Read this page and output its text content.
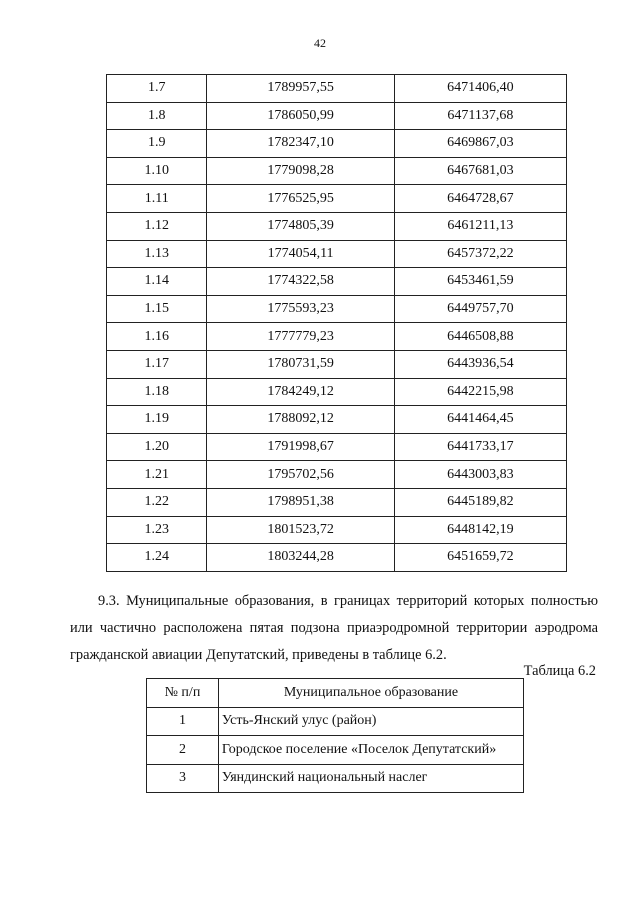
42
1.7	1789957,55	6471406,40
1.8	1786050,99	6471137,68
1.9	1782347,10	6469867,03
1.10	1779098,28	6467681,03
1.11	1776525,95	6464728,67
1.12	1774805,39	6461211,13
1.13	1774054,11	6457372,22
1.14	1774322,58	6453461,59
1.15	1775593,23	6449757,70
1.16	1777779,23	6446508,88
1.17	1780731,59	6443936,54
1.18	1784249,12	6442215,98
1.19	1788092,12	6441464,45
1.20	1791998,67	6441733,17
1.21	1795702,56	6443003,83
1.22	1798951,38	6445189,82
1.23	1801523,72	6448142,19
1.24	1803244,28	6451659,72
9.3. Муниципальные образования, в границах территорий которых полностью или частично расположена пятая подзона приаэродромной территории аэродрома гражданской авиации Депутатский, приведены в таблице 6.2.
Таблица 6.2
№ п/п	Муниципальное образование
1	Усть-Янский улус (район)
2	Городское поселение «Поселок Депутатский»
3	Уяндинский национальный наслег
